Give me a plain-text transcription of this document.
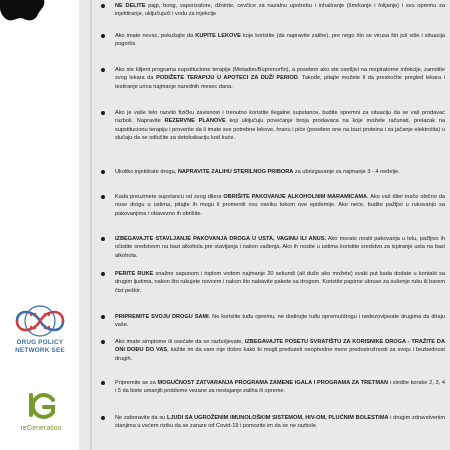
NE DELITE pajp, bong, vaporizatore, džointe, cevčice za nazalnu upotrebu i inhaliranje (šmrkanje i folijanje) i svu opremu za injektiranje, uključujući i vodu za injekcije
Ako imate novac, pokušajte da KUPITE LEKOVE koje koristite (da napravite zalihe), pre nego što se virusa širi još više i situacija pogorša
Ako ste klijent programa supstitucione terapije (Metadon/Buprenorfin), a posebno ako ste osetljivi na respiratorne infekcije, zamolite svog lekara da PODIŽETE TERAPIJU U APOTECI ZA DUŽI PERIOD. Takođe, pitajte možete li da preskočite pregled lekara i testiranje urina najmanje narednih mesec dana.
Ako je vaše telo razvilo fizičku zavisnost i trenutno koristite ilegalne supstance, budite spremni za situaciju da se vaš prodavac razboli. Napravite REZERVNE PLANOVE koji uključuju povećanje broja prodavaca na koje možete računati, prelazak na supstitucionu terapiju i proverite da li imate sve potrebne lekove, hranu i piće (posebno one na bazi proteina i za jačanje elektrolita) u slučaju da se odlučite za detoksikaciju kod kuće.
Ukoliko injektirate drogu, NAPRAVITE ZALIHU STERILNOG PRIBORA za ubrizgavanje za najmanje 3 - 4 nedelje.
Kada preuzmete supstancu od svog dilera OBRIŠITE PAKOVANJE ALKOHOLNIM MARAMICAMA. Ako vaš diler inače obično da nose drogu u ustima, pitajte ih mogu li promeniti ovu naviku tokom ove epidemije. Ako neće, budite pažljivi u rukovanju sa pakovanjima i obavezno ih obrišite.
IZBEGAVAJTE STAVLJANJE PAKOVANJA DROGA U USTA, VAGINU ILI ANUS. Ako morate nositi pakovanja u telu, pažljivo ih očistite sredstvom na bazi alkohola pre stavljanja i nakon vađenja. Ako ih nosite u ustima koristite sredstvo za ispiranje usta na bazi alkohola.
PERITE RUKE snažno sapunom i toplom vodom najmanje 20 sekundi (ali duže ako možete) svaki put kada dodate u kontakt sa drugim ljudima, nakon što rukujete novcem i nakon što nabavite pakete sa drogom. Koristite papirne ubruse za sušenje ruku ili barem čist peškir.
PRIPREMITE SVOJU DROGU SAMI. Ne koristite tuđu opremu, ne dodirujte tuđu opremu/drogu i nedezovijavate drugima da diraju vaše.
Ako imate simptome ili osećate da se razboljevate, IZBEGAVAJTE POSETU SVRATIŠTU ZA KORISNIKE DROGA - TRAŽITE DA ONI DOĐU DO VAS, kažite im da vam nije dobro kako bi mogli preduzeti neophodne mere predostrožnosti za svoju i bezbednost drugih.
Pripremite se za MOGUĆNOST ZATVARANJA PROGRAMA ZAMENE IGALA I PROGRAMA ZA TRETMAN i sledite korake 2, 3, 4 i 5 da biste umanjili probleme vezane za nestajanje zaliha ili opreme.
Ne zaboravite da su LJUDI SA UGROŽENIM IMUNOLOŠKIM SISTEMOM, HIV-OM, PLUĆNIM BOLESTIMA i drugim zdravstvenim stanjima u većem riziku da se zaraze od Covid-19 i pomozite im da se ne razbole.
DRUG POLICY
NETWORK SEE
reGeneration
